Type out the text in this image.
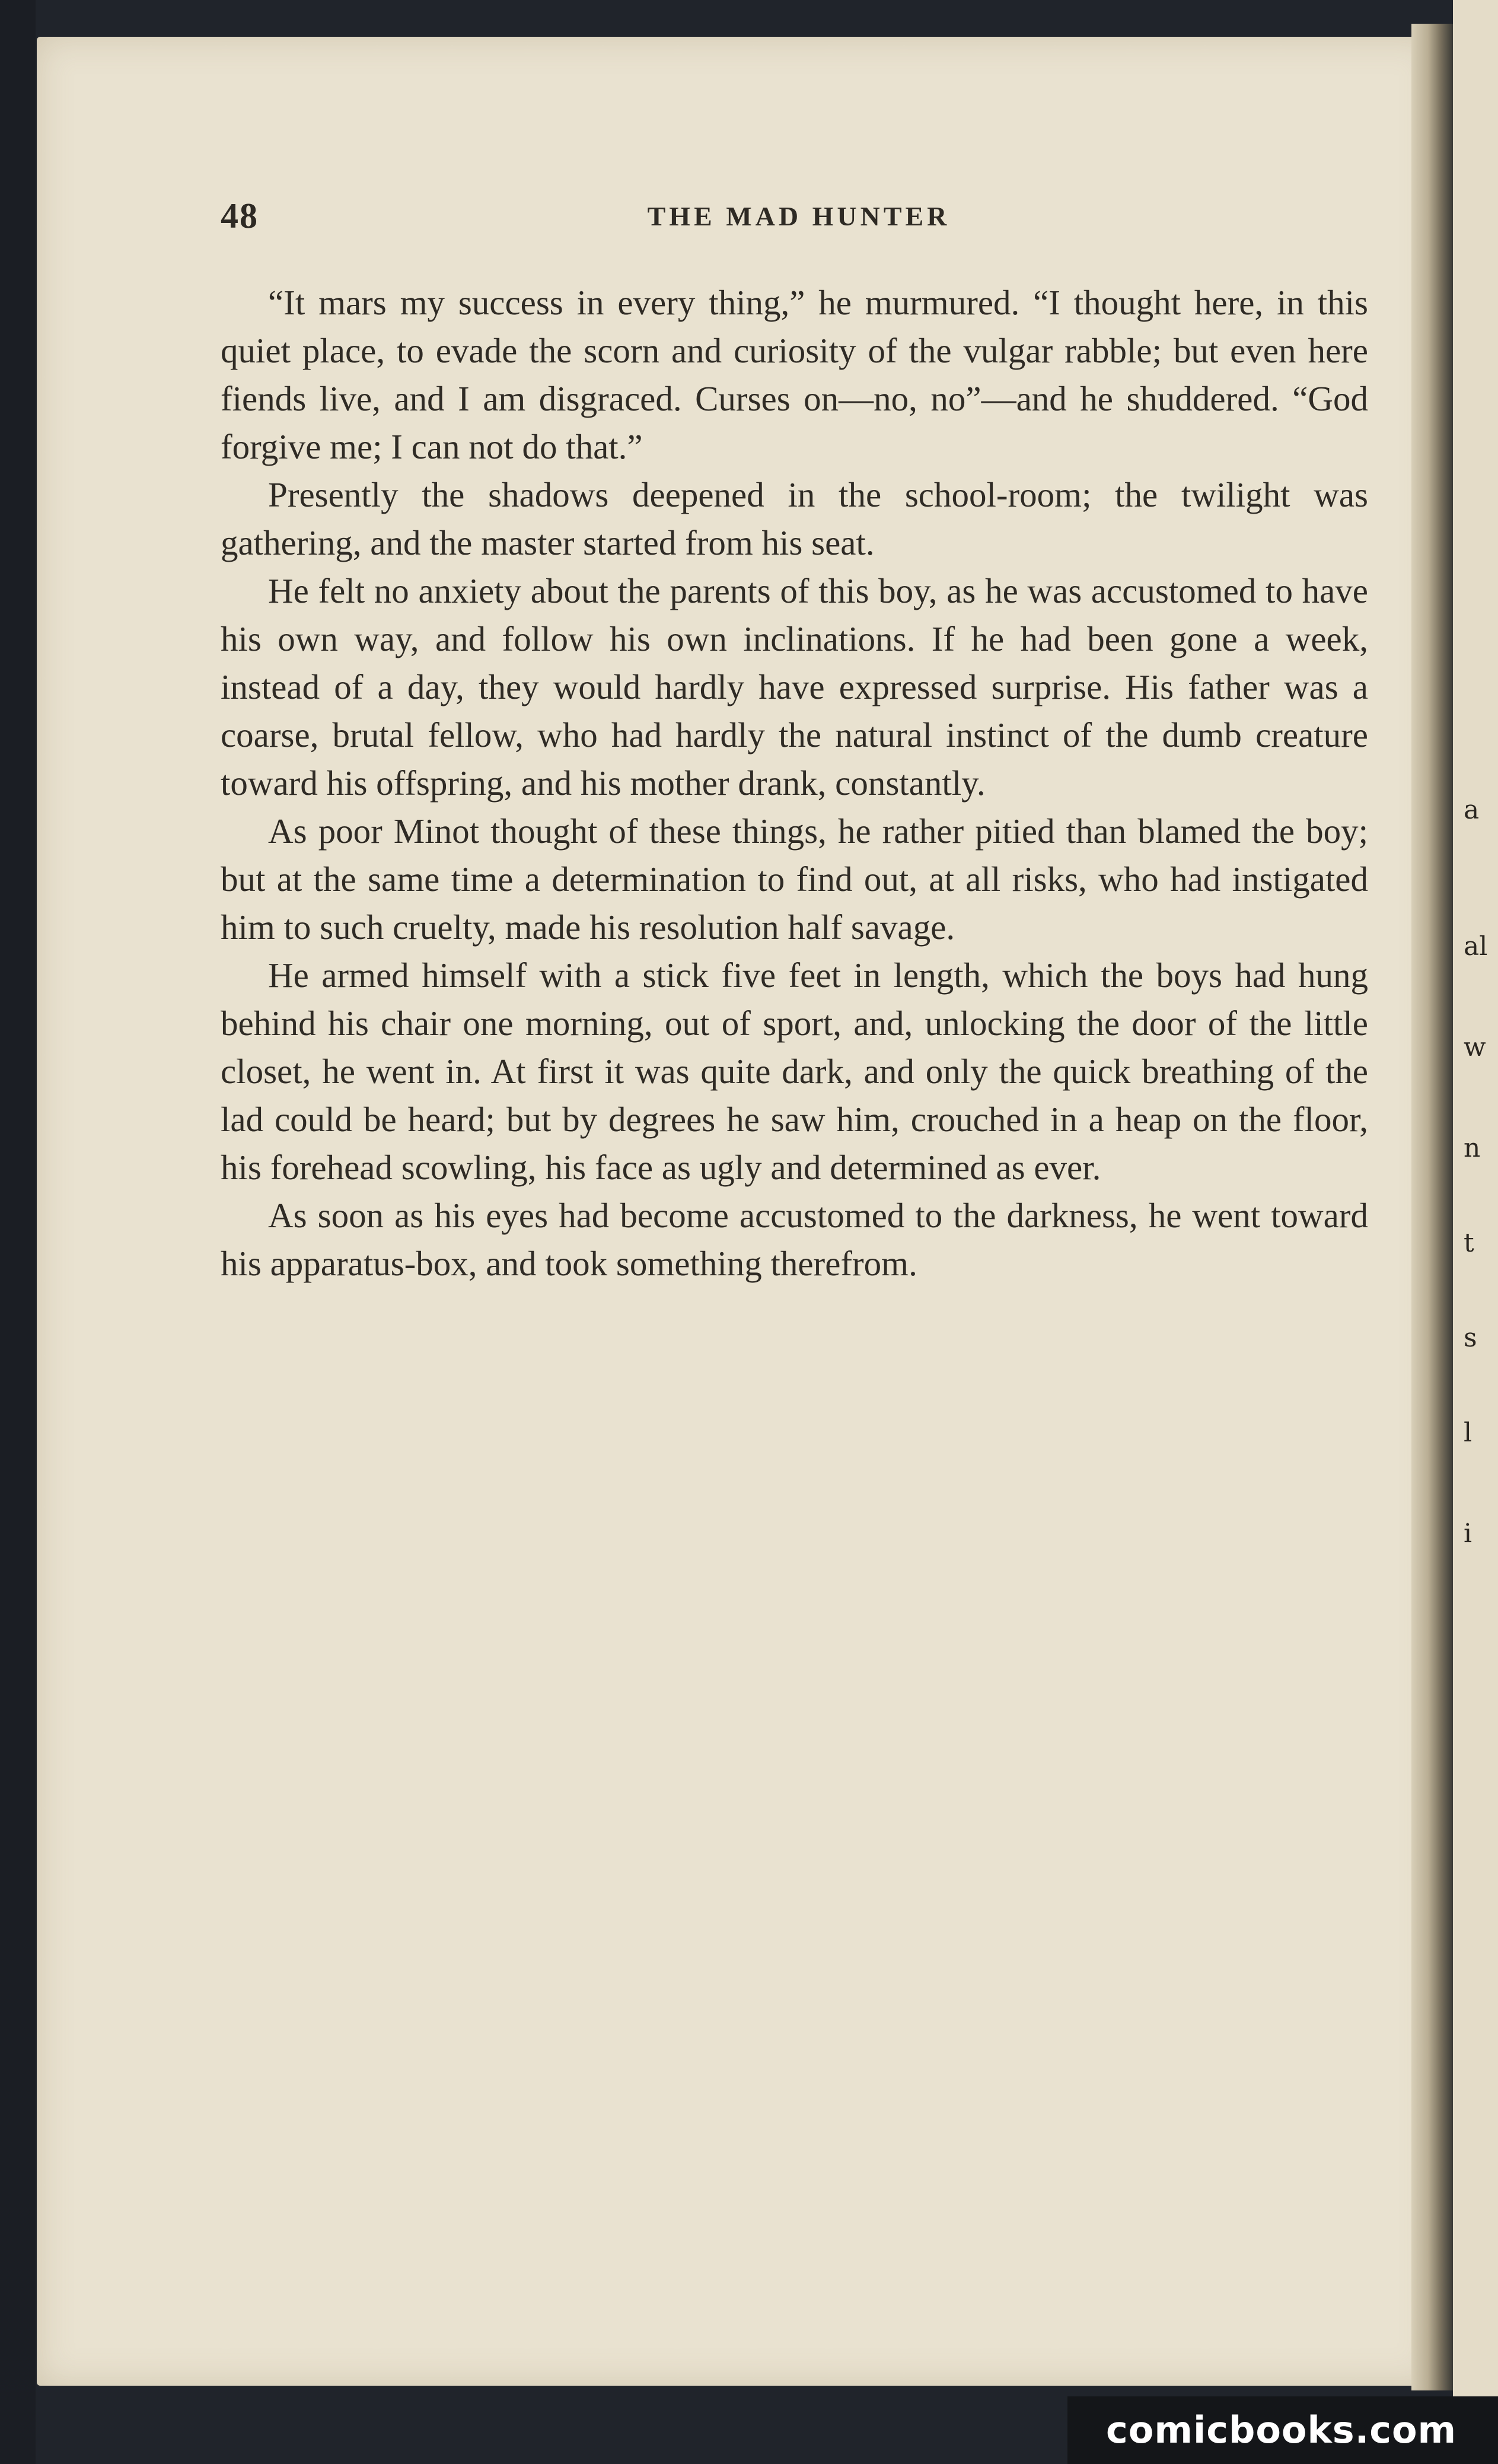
a
al
w
n
t
s
l
i
48	THE MAD HUNTER

“It mars my success in every thing,” he murmured. “I thought here, in this quiet place, to evade the scorn and curiosity of the vulgar rabble; but even here fiends live, and I am disgraced. Curses on—no, no”—and he shuddered. “God forgive me; I can not do that.”

Presently the shadows deepened in the school-room; the twilight was gathering, and the master started from his seat.

He felt no anxiety about the parents of this boy, as he was accustomed to have his own way, and follow his own inclinations. If he had been gone a week, instead of a day, they would hardly have expressed surprise. His father was a coarse, brutal fellow, who had hardly the natural instinct of the dumb creature toward his offspring, and his mother drank, constantly.

As poor Minot thought of these things, he rather pitied than blamed the boy; but at the same time a determination to find out, at all risks, who had instigated him to such cruelty, made his resolution half savage.

He armed himself with a stick five feet in length, which the boys had hung behind his chair one morning, out of sport, and, unlocking the door of the little closet, he went in. At first it was quite dark, and only the quick breathing of the lad could be heard; but by degrees he saw him, crouched in a heap on the floor, his forehead scowling, his face as ugly and determined as ever.

As soon as his eyes had become accustomed to the darkness, he went toward his apparatus-box, and took something therefrom.

comicbooks.com
